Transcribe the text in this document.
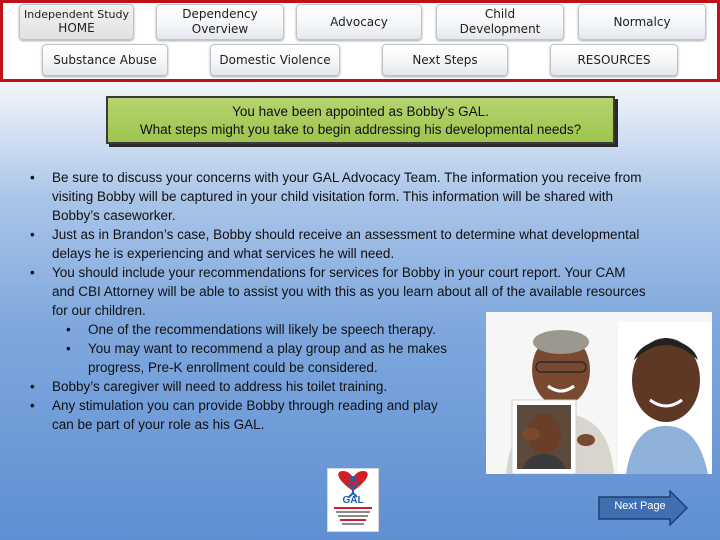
Independent Study
HOME
Dependency
Overview
Advocacy
Child
Development
Normalcy
Substance Abuse	Domestic Violence	Next Steps	RESOURCES
You have been appointed as Bobby’s GAL.
What steps might you take to begin addressing his developmental needs?
• Be sure to discuss your concerns with your GAL Advocacy Team. The information you receive from visiting Bobby will be captured in your child visitation form. This information will be shared with Bobby’s caseworker.
• Just as in Brandon’s case, Bobby should receive an assessment to determine what developmental delays he is experiencing and what services he will need.
• You should include your recommendations for services for Bobby in your court report. Your CAM and CBI Attorney will be able to assist you with this as you learn about all of the available resources for our children.
• One of the recommendations will likely be speech therapy.
• You may want to recommend a play group and as he makes progress, Pre-K enrollment could be considered.
• Bobby’s caregiver will need to address his toilet training.
• Any stimulation you can provide Bobby through reading and play can be part of your role as his GAL.
GAL	Next Page
